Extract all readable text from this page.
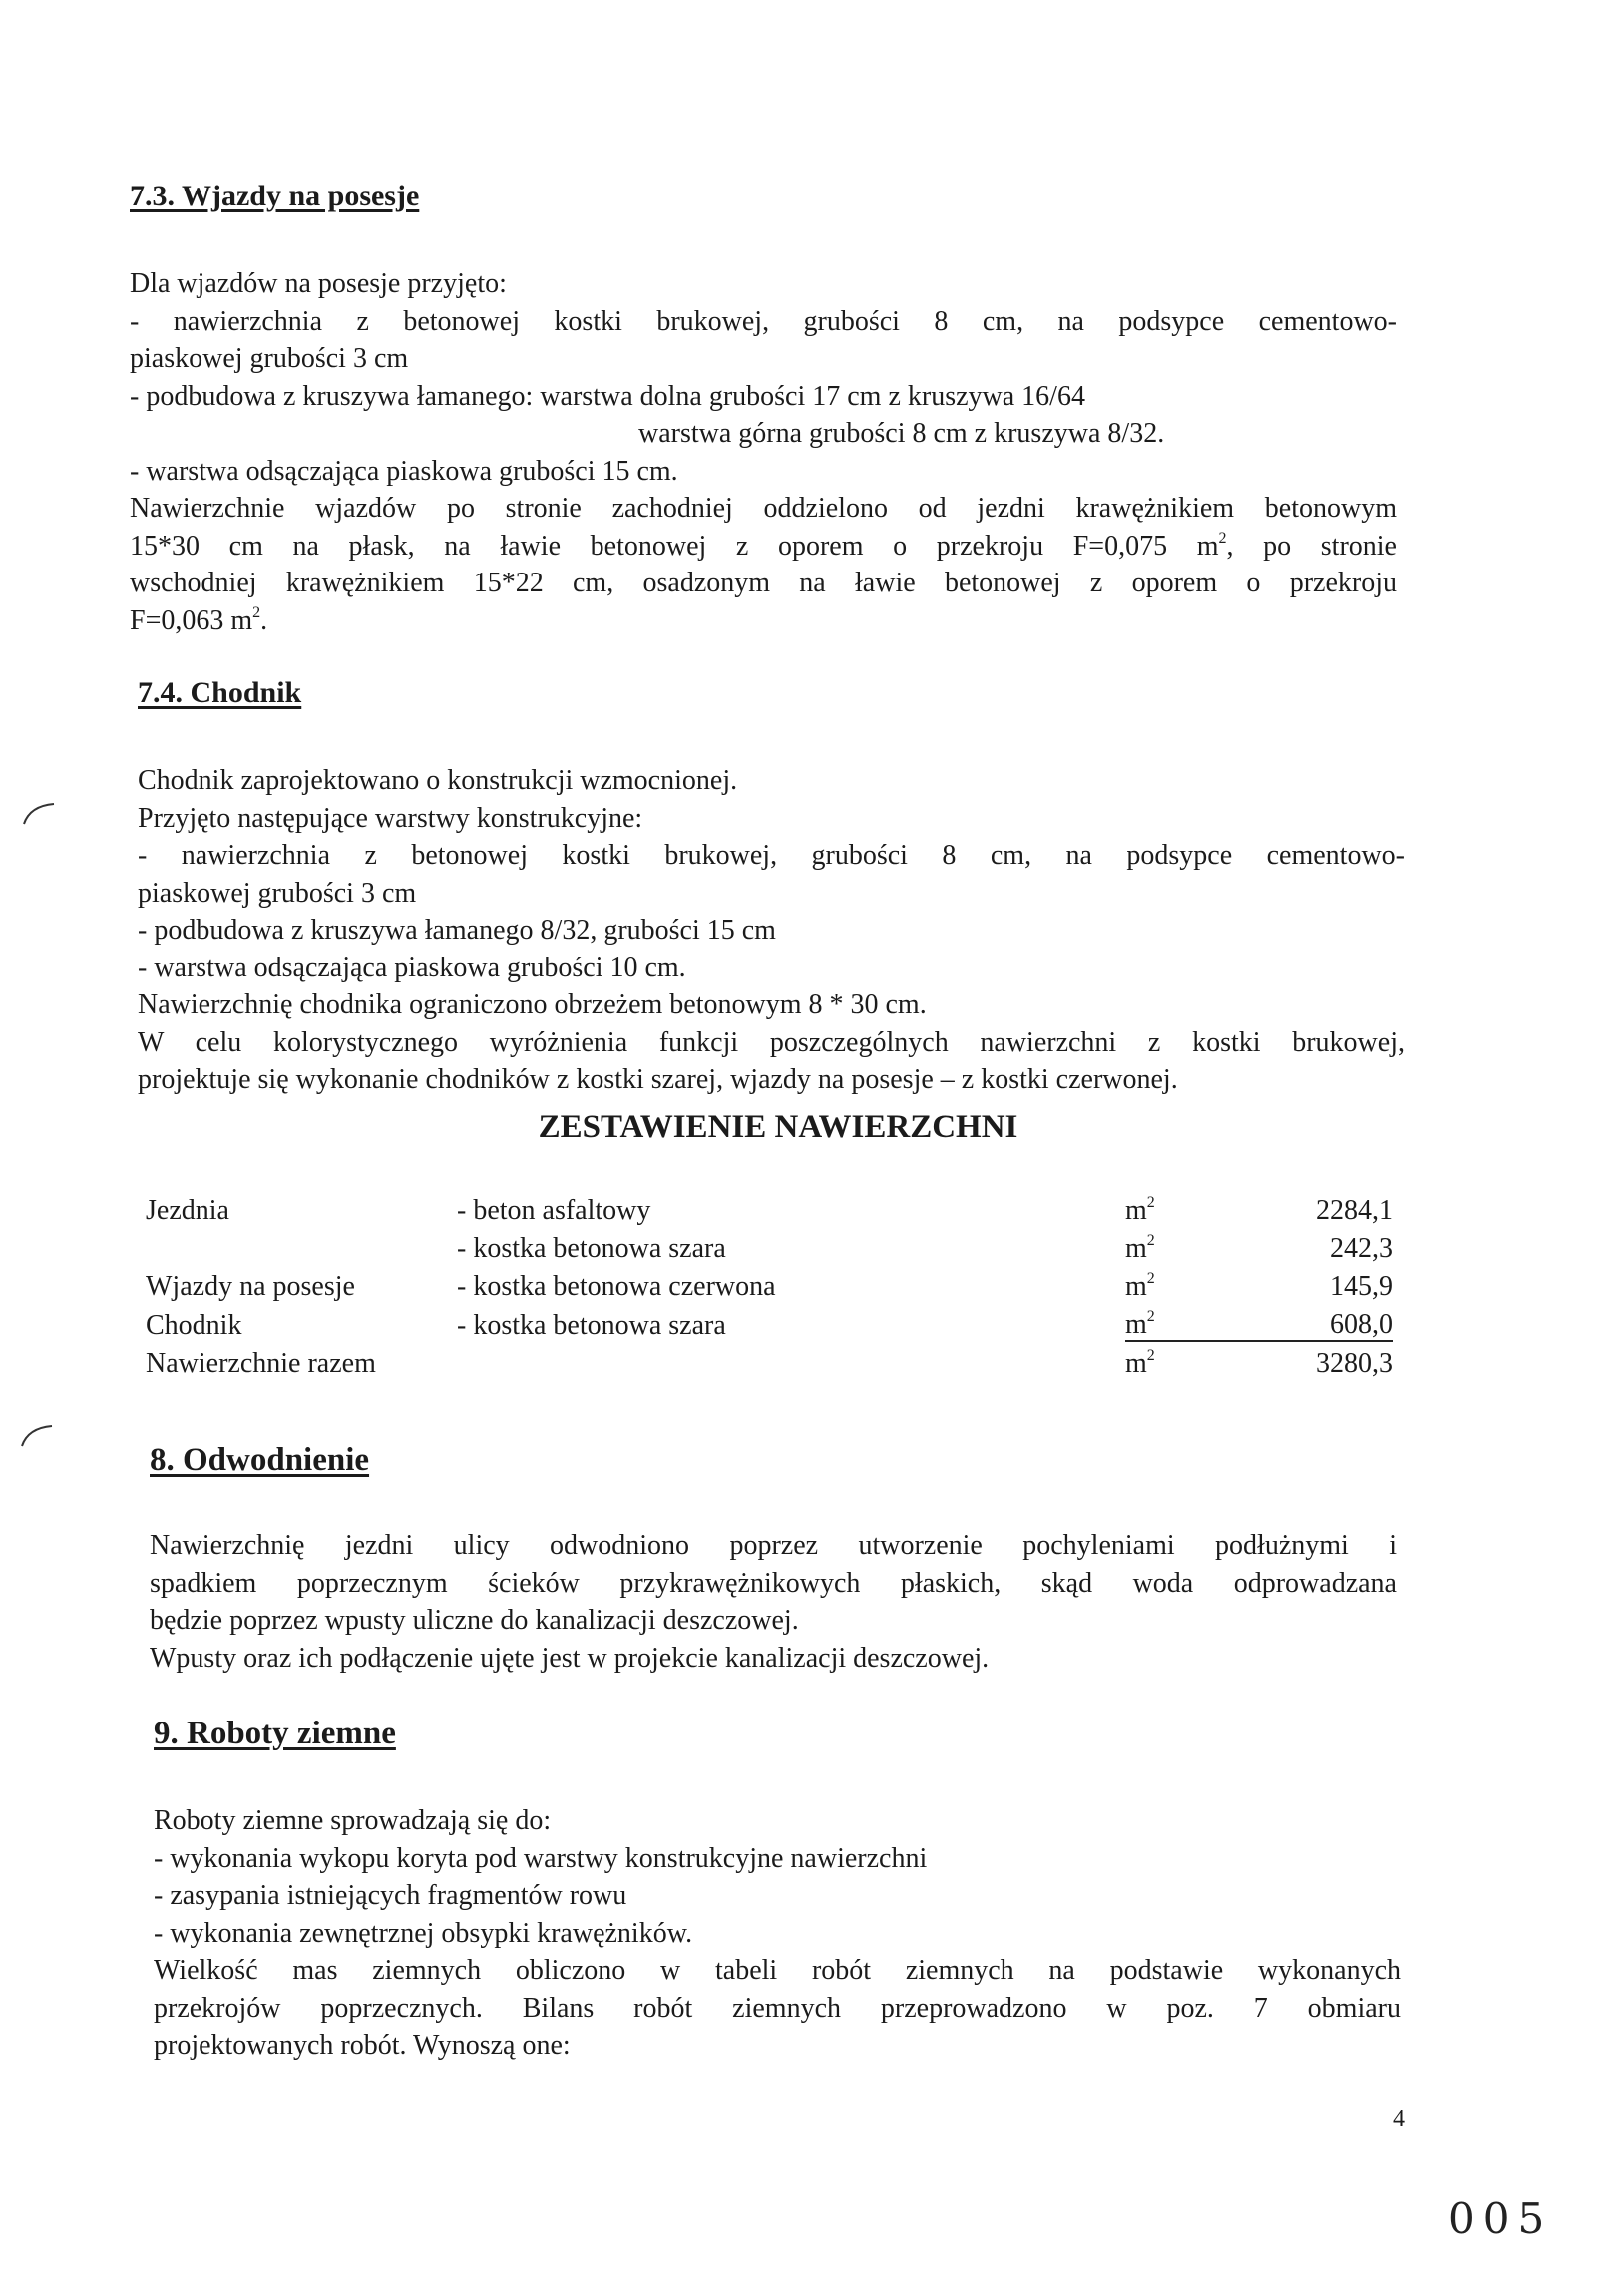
7.3. Wjazdy na posesje

Dla wjazdów na posesje przyjęto:

- nawierzchnia z betonowej kostki brukowej, grubości 8 cm, na podsypce cementowo-

piaskowej grubości 3 cm

- podbudowa z kruszywa łamanego: warstwa dolna grubości 17 cm z kruszywa 16/64

warstwa górna grubości 8 cm z kruszywa 8/32.

- warstwa odsączająca piaskowa grubości 15 cm.

Nawierzchnie wjazdów po stronie zachodniej oddzielono od jezdni krawężnikiem betonowym

15*30 cm na płask, na ławie betonowej z oporem o przekroju F=0,075 $m^2$, po stronie

wschodniej krawężnikiem 15*22 cm, osadzonym na ławie betonowej z oporem o przekroju

F=0,063 $m^2$.

7.4. Chodnik

Chodnik zaprojektowano o konstrukcji wzmocnionej.

Przyjęto następujące warstwy konstrukcyjne:

- nawierzchnia z betonowej kostki brukowej, grubości 8 cm, na podsypce cementowo-

piaskowej grubości 3 cm

- podbudowa z kruszywa łamanego 8/32, grubości 15 cm

- warstwa odsączająca piaskowa grubości 10 cm.

Nawierzchnię chodnika ograniczono obrzeżem betonowym 8 * 30 cm.

W celu kolorystycznego wyróżnienia funkcji poszczególnych nawierzchni z kostki brukowej,

projektuje się wykonanie chodników z kostki szarej, wjazdy na posesje – z kostki czerwonej.

ZESTAWIENIE NAWIERZCHNI

Jezdnia	- beton asfaltowy	$m^2$	2284,1
	- kostka betonowa szara	$m^2$	242,3
Wjazdy na posesje	- kostka betonowa czerwona	$m^2$	145,9
Chodnik	- kostka betonowa szara	$m^2$	608,0
Nawierzchnie razem		$m^2$	3280,3

8. Odwodnienie

Nawierzchnię jezdni ulicy odwodniono poprzez utworzenie pochyleniami podłużnymi i

spadkiem poprzecznym ścieków przykrawężnikowych płaskich, skąd woda odprowadzana

będzie poprzez wpusty uliczne do kanalizacji deszczowej.

Wpusty oraz ich podłączenie ujęte jest w projekcie kanalizacji deszczowej.

9. Roboty ziemne

Roboty ziemne sprowadzają się do:

- wykonania wykopu koryta pod warstwy konstrukcyjne nawierzchni

- zasypania istniejących fragmentów rowu

- wykonania zewnętrznej obsypki krawężników.

Wielkość mas ziemnych obliczono w tabeli robót ziemnych na podstawie wykonanych

przekrojów poprzecznych. Bilans robót ziemnych przeprowadzono w poz. 7 obmiaru

projektowanych robót. Wynoszą one:

4
005
